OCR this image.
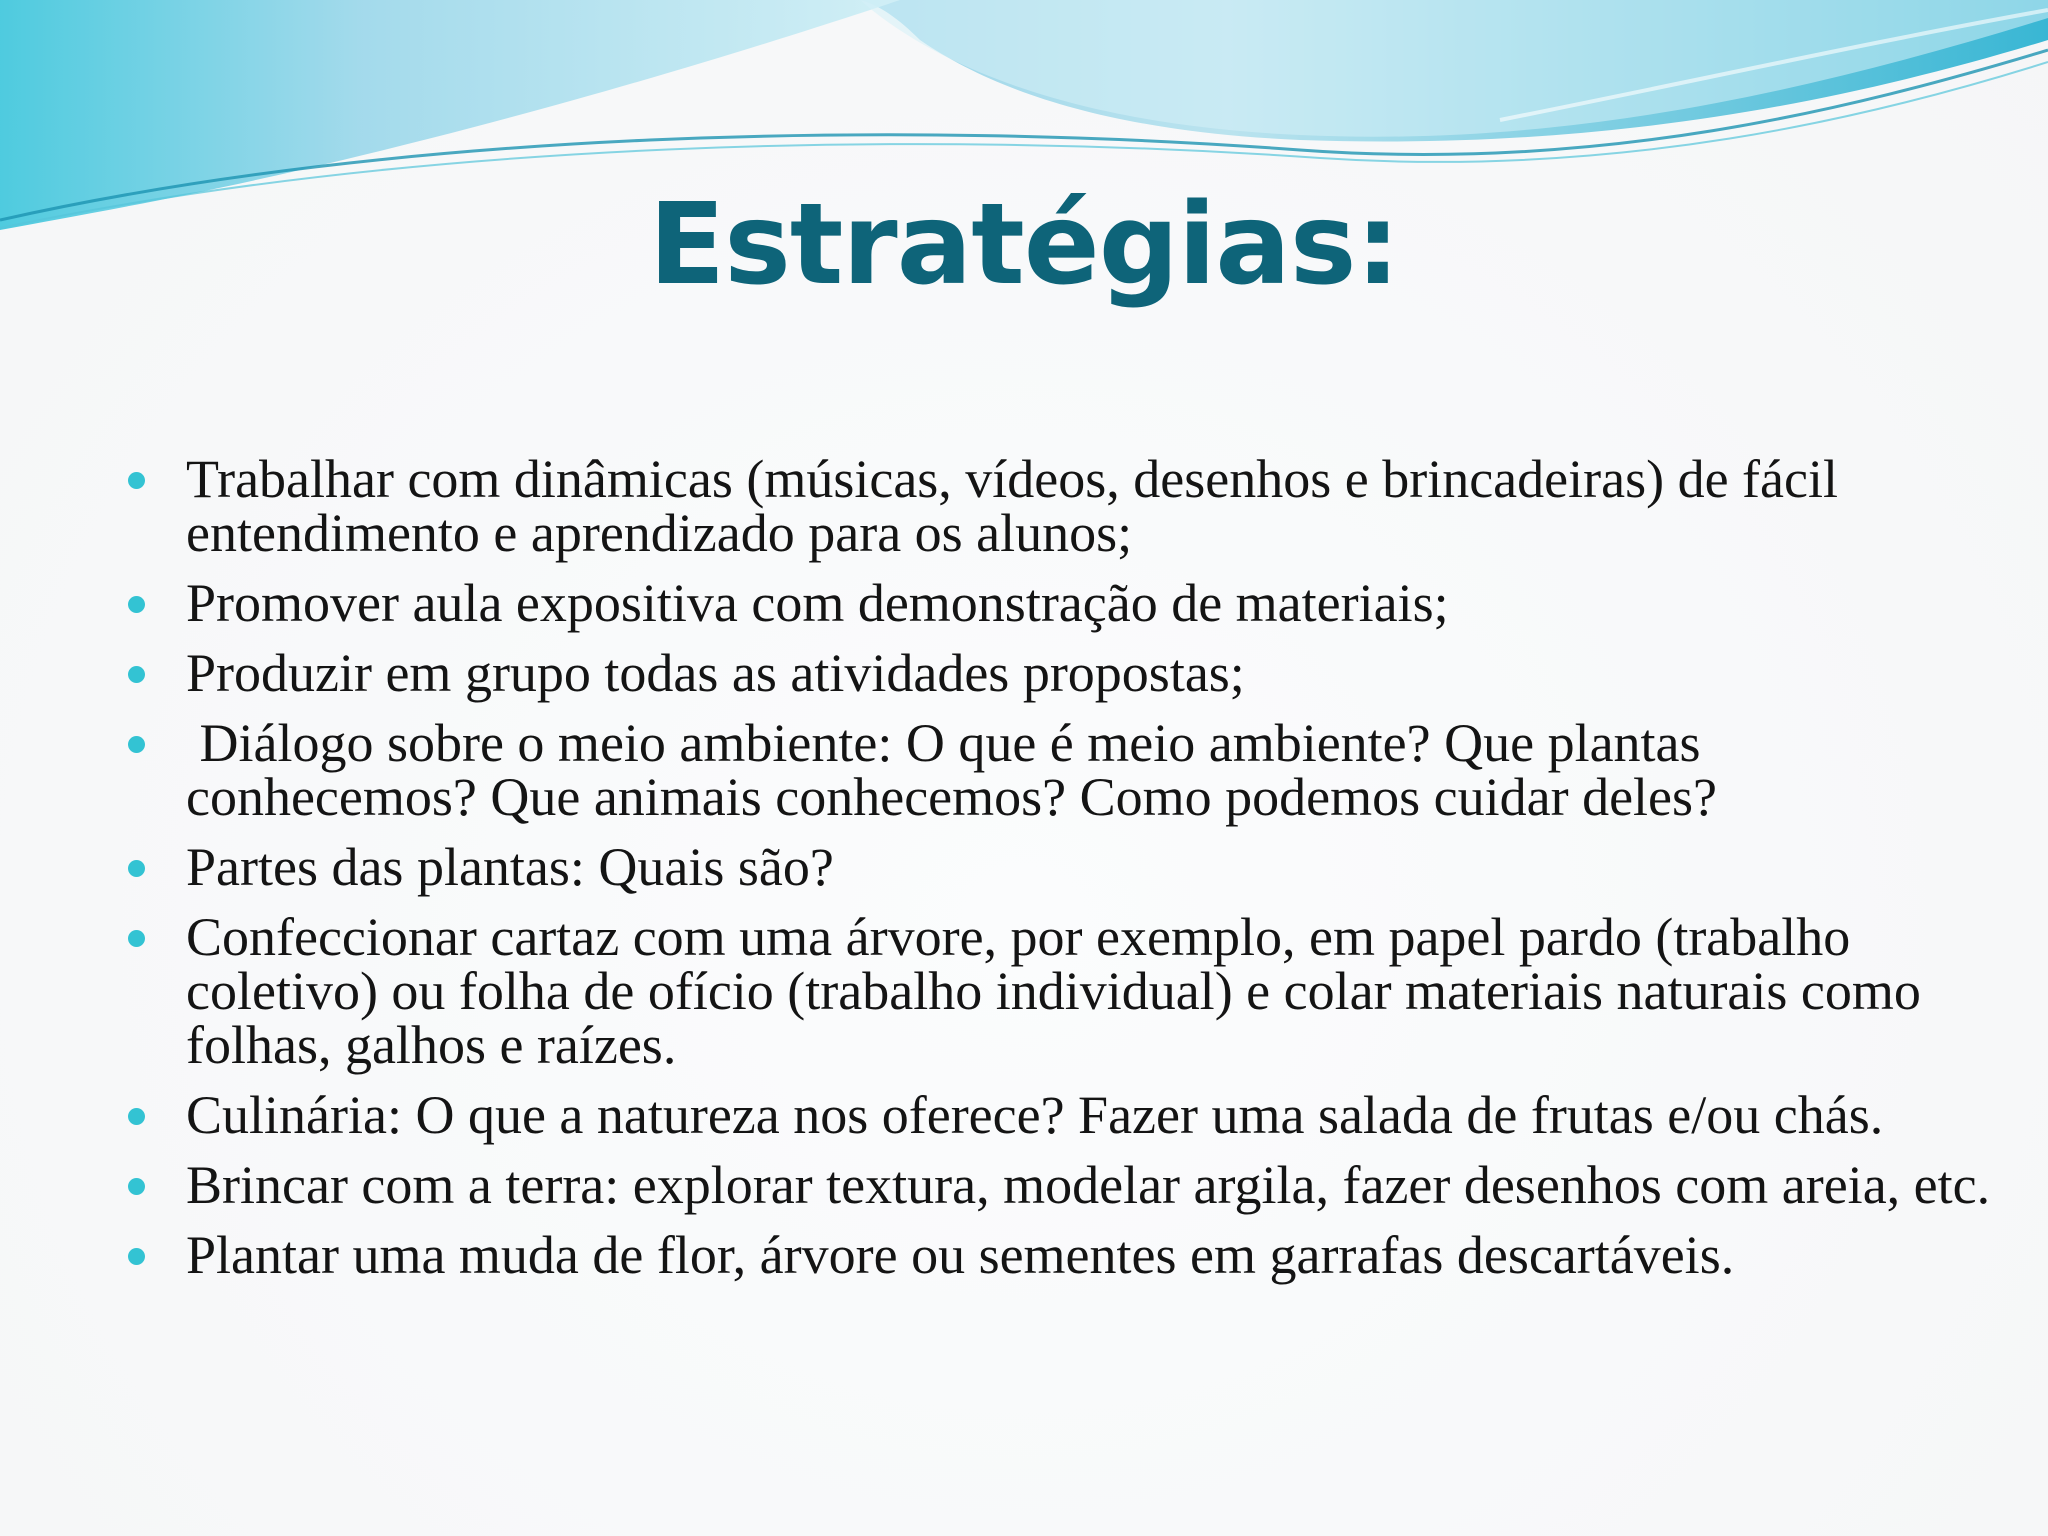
Estratégias:
Trabalhar com dinâmicas (músicas, vídeos, desenhos e brincadeiras) de fácil entendimento e aprendizado para os alunos;
Promover aula expositiva com demonstração de materiais;
Produzir em grupo todas as atividades propostas;
Diálogo sobre o meio ambiente: O que é meio ambiente? Que plantas conhecemos? Que animais conhecemos? Como podemos cuidar deles?
Partes das plantas: Quais são?
Confeccionar cartaz com uma árvore, por exemplo, em papel pardo (trabalho coletivo) ou folha de ofício (trabalho individual) e colar materiais naturais como folhas, galhos e raízes.
Culinária: O que a natureza nos oferece? Fazer uma salada de frutas e/ou chás.
Brincar com a terra: explorar textura, modelar argila, fazer desenhos com areia, etc.
Plantar uma muda de flor, árvore ou sementes em garrafas descartáveis.
